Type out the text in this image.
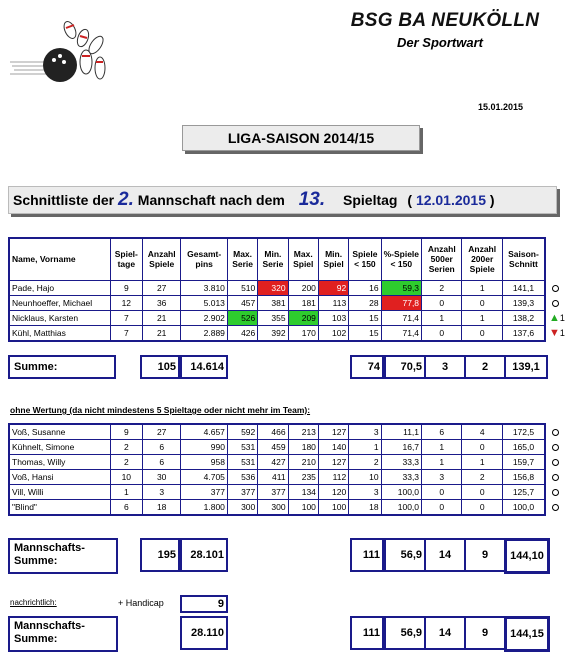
BSG BA NEUKÖLLN
Der Sportwart
15.01.2015
LIGA-SAISON 2014/15
Schnittliste der 2. Mannschaft nach dem 13. Spieltag ( 12.01.2015 )
Name, Vorname	Spiel-tage	Anzahl Spiele	Gesamt-pins	Max. Serie	Min. Serie	Max. Spiel	Min. Spiel	Spiele < 150	%-Spiele < 150	Anzahl 500er Serien	Anzahl 200er Spiele	Saison-Schnitt
Pade, Hajo	9	27	3.810	510	320	200	92	16	59,3	2	1	141,1
Neunhoeffer, Michael	12	36	5.013	457	381	181	113	28	77,8	0	0	139,3
Nicklaus, Karsten	7	21	2.902	526	355	209	103	15	71,4	1	1	138,2
Kühl, Matthias	7	21	2.889	426	392	170	102	15	71,4	0	0	137,6
Summe:	105	14.614	74	70,5	3	2	139,1
ohne Wertung (da nicht mindestens 5 Spieltage oder nicht mehr im Team):
Voß, Susanne	9	27	4.657	592	466	213	127	3	11,1	6	4	172,5
Kühnelt, Simone	2	6	990	531	459	180	140	1	16,7	1	0	165,0
Thomas, Willy	2	6	958	531	427	210	127	2	33,3	1	1	159,7
Voß, Hansi	10	30	4.705	536	411	235	112	10	33,3	3	2	156,8
Vill, Willi	1	3	377	377	377	134	120	3	100,0	0	0	125,7
"Blind"	6	18	1.800	300	300	100	100	18	100,0	0	0	100,0
Mannschafts-
Summe:	195	28.101	111	56,9	14	9	144,10
nachrichtlich:	+ Handicap	9
Mannschafts-
Summe:	28.110	111	56,9	14	9	144,15
▲1
▼1
